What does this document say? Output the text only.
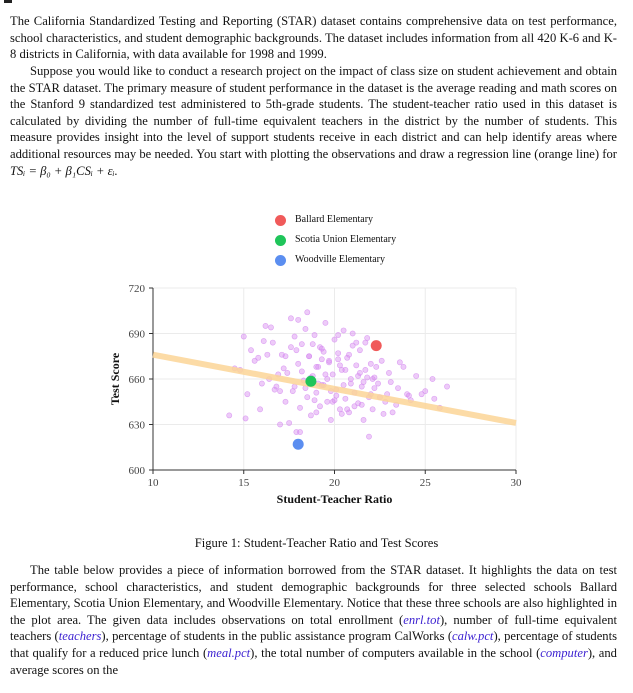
The California Standardized Testing and Reporting (STAR) dataset contains comprehensive data on test performance, school characteristics, and student demographic backgrounds. The dataset includes information from all 420 K-6 and K-8 districts in California, with data available for 1998 and 1999.

Suppose you would like to conduct a research project on the impact of class size on student achievement and obtain the STAR dataset. The primary measure of student performance in the dataset is the average reading and math scores on the Stanford 9 standardized test administered to 5th-grade students. The student-teacher ratio used in this dataset is calculated by dividing the number of full-time equivalent teachers in the district by the number of students. This measure provides insight into the level of support students receive in each district and can help identify areas where additional resources may be needed. You start with plotting the observations and draw a regression line (orange line) for TSᵢ = β₀ + β₁CSᵢ + εᵢ.

Ballard Elementary
Scotia Union Elementary
Woodville Elementary
10	15	20	25	30
600
630
660
690
720
Student-Teacher Ratio
Test Score
Figure 1: Student-Teacher Ratio and Test Scores

The table below provides a piece of information borrowed from the STAR dataset. It highlights the data on test performance, school characteristics, and student demographic backgrounds for three selected schools Ballard Elementary, Scotia Union Elementary, and Woodville Elementary. Notice that these three schools are also highlighted in the plot area. The given data includes observations on total enrollment (enrl.tot), number of full-time equivalent teachers (teachers), percentage of students in the public assistance program CalWorks (calw.pct), percentage of students that qualify for a reduced price lunch (meal.pct), the total number of computers available in the school (computer), and average scores on the
